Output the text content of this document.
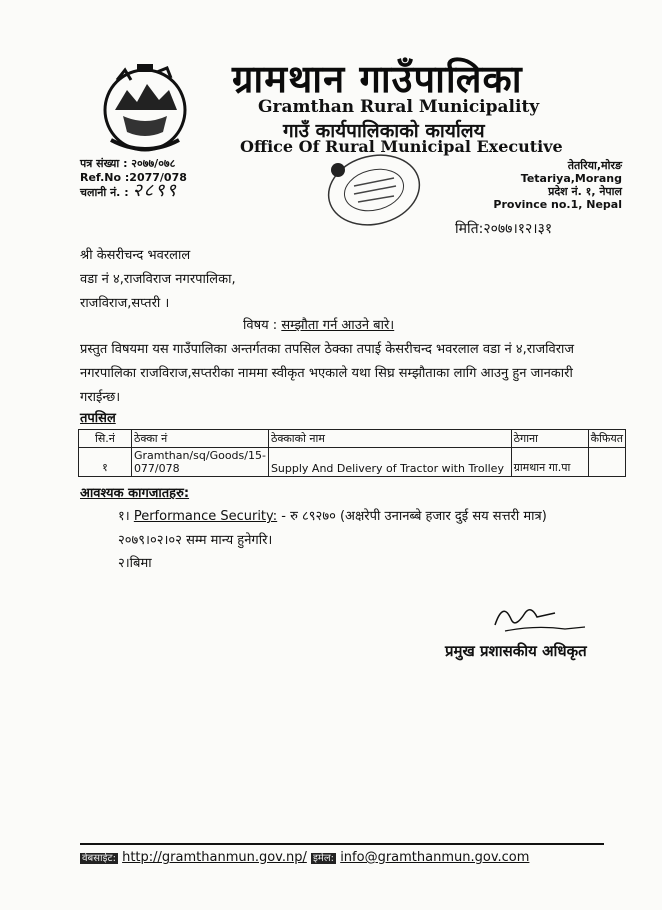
ग्रामथान गाउँपालिका
Gramthan Rural Municipality
गाउँ कार्यपालिकाको कार्यालय
Office Of Rural Municipal Executive
पत्र संख्या : २०७७/०७८
Ref.No :2077/078
चलानी नं. : २८९९
तेतरिया,मोरङ
Tetariya,Morang
प्रदेश नं. १, नेपाल
Province no.1, Nepal
मिति:२०७७।१२।३१
श्री केसरीचन्द भवरलाल
वडा नं ४,राजविराज नगरपालिका,
राजविराज,सप्तरी ।
विषय : सम्झौता गर्न आउने बारे।
प्रस्तुत विषयमा यस गाउँपालिका अन्तर्गतका तपसिल ठेक्का तपाई केसरीचन्द भवरलाल वडा नं ४,राजविराज नगरपालिका राजविराज,सप्तरीका नाममा स्वीकृत भएकाले यथा सिघ्र सम्झौताका लागि आउनु हुन जानकारी गराईन्छ।
तपसिल
सि.नं	ठेक्का नं	ठेक्काको नाम	ठेगाना	कैफियत
१	Gramthan/sq/Goods/15-077/078	Supply And Delivery of Tractor with Trolley	ग्रामथान गा.पा	
आवश्यक कागजातहरु:
१। Performance Security: - रु ८९२७० (अक्षरेपी उनानब्बे हजार दुई सय सत्तरी मात्र) २०७९।०२।०२ सम्म मान्य हुनेगरि।
२।बिमा
प्रमुख प्रशासकीय अधिकृत
वेबसाईट: http://gramthanmun.gov.np/ इमेल: info@gramthanmun.gov.com
